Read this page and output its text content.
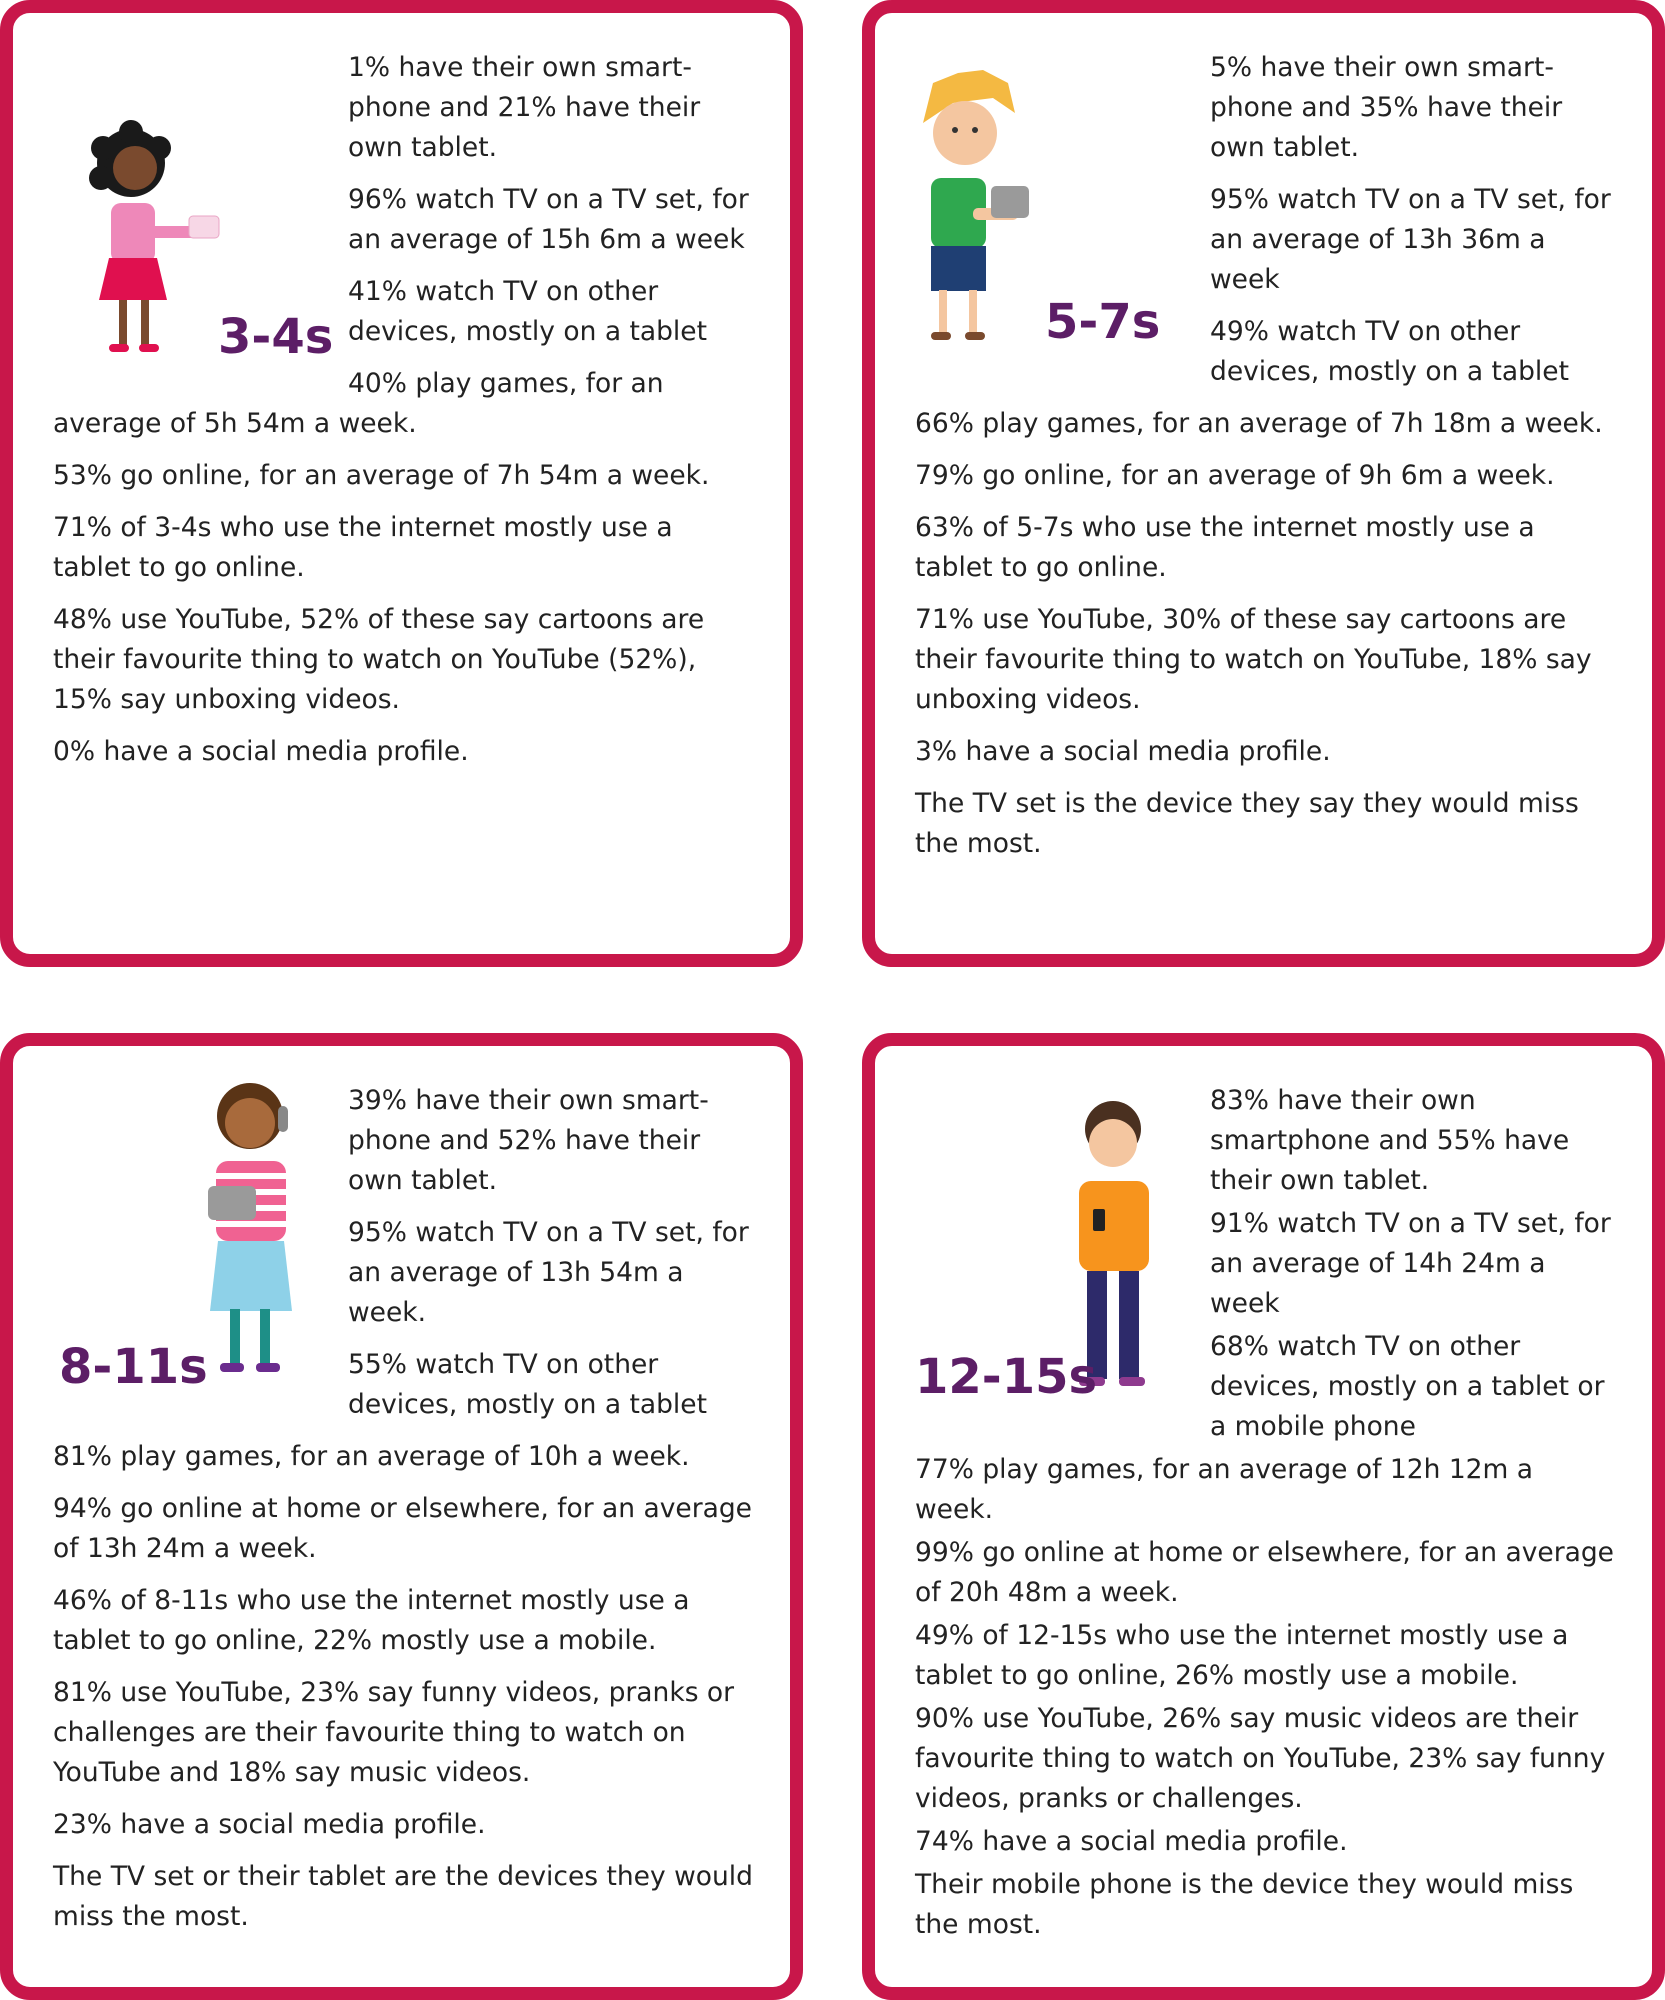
3-4s

1% have their own smart-phone and 21% have their own tablet.

96% watch TV on a TV set, for an average of 15h 6m a week

41% watch TV on other devices, mostly on a tablet

40% play games, for an average of 5h 54m a week.

53% go online, for an average of 7h 54m a week.

71% of 3-4s who use the internet mostly use a tablet to go online.

48% use YouTube, 52% of these say cartoons are their favourite thing to watch on YouTube (52%), 15% say unboxing videos.

0% have a social media profile.

5-7s

5% have their own smart-phone and 35% have their own tablet.

95% watch TV on a TV set, for an average of 13h 36m a week

49% watch TV on other devices, mostly on a tablet

66% play games, for an average of 7h 18m a week.

79% go online, for an average of 9h 6m a week.

63% of 5-7s who use the internet mostly use a tablet to go online.

71% use YouTube, 30% of these say cartoons are their favourite thing to watch on YouTube, 18% say unboxing videos.

3% have a social media profile.

The TV set is the device they say they would miss the most.

8-11s

39% have their own smart-phone and 52% have their own tablet.

95% watch TV on a TV set, for an average of 13h 54m a week.

55% watch TV on other devices, mostly on a tablet

81% play games, for an average of 10h a week.

94% go online at home or elsewhere, for an average of 13h 24m a week.

46% of 8-11s who use the internet mostly use a tablet to go online, 22% mostly use a mobile.

81% use YouTube, 23% say funny videos, pranks or challenges are their favourite thing to watch on YouTube and 18% say music videos.

23% have a social media profile.

The TV set or their tablet are the devices they would miss the most.

12-15s

83% have their own smartphone and 55% have their own tablet.

91% watch TV on a TV set, for an average of 14h 24m a week

68% watch TV on other devices, mostly on a tablet or a mobile phone

77% play games, for an average of 12h 12m a week.

99% go online at home or elsewhere, for an average of 20h 48m a week.

49% of 12-15s who use the internet mostly use a tablet to go online, 26% mostly use a mobile.

90% use YouTube, 26% say music videos are their favourite thing to watch on YouTube, 23% say funny videos, pranks or challenges.

74% have a social media profile.

Their mobile phone is the device they would miss the most.
